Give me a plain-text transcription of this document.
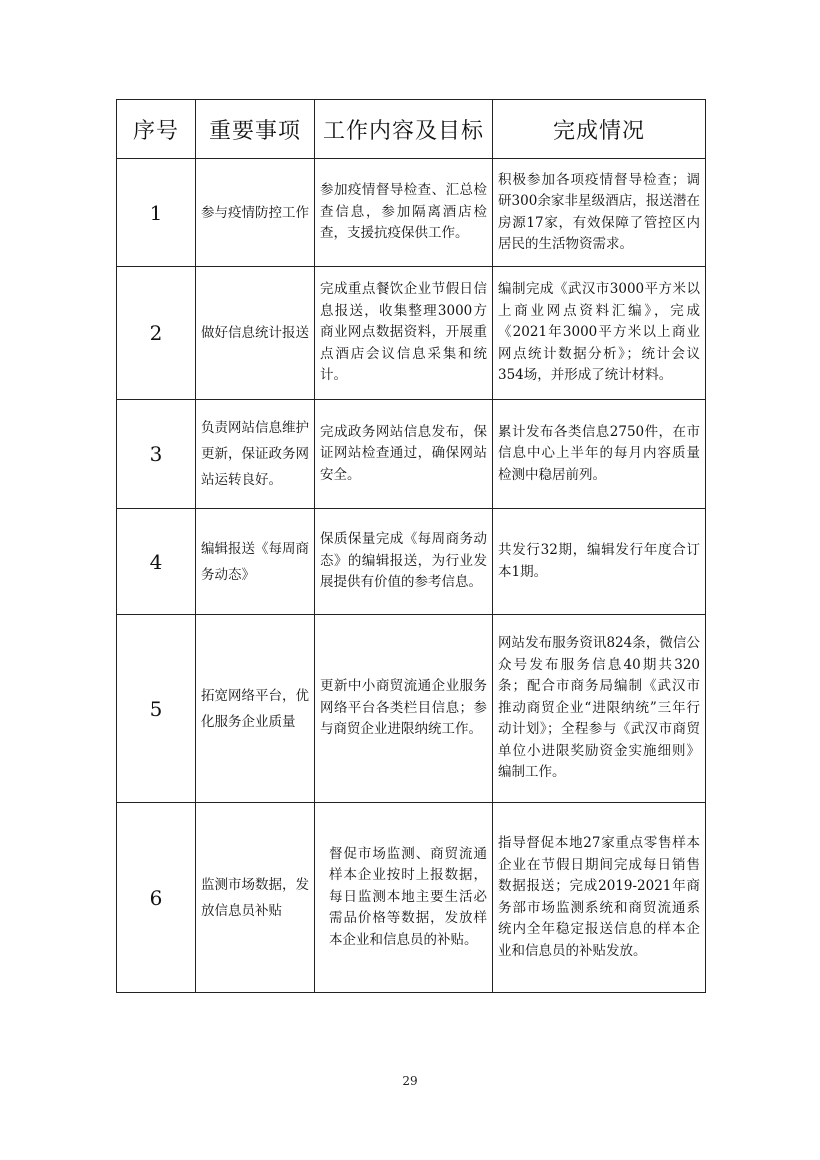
序号	重要事项	工作内容及目标	完成情况
1	参与疫情防控工作	参加疫情督导检查、汇总检查信息，参加隔离酒店检查，支援抗疫保供工作。	积极参加各项疫情督导检查；调研300余家非星级酒店，报送潜在房源17家，有效保障了管控区内居民的生活物资需求。
2	做好信息统计报送	完成重点餐饮企业节假日信息报送，收集整理3000方商业网点数据资料，开展重点酒店会议信息采集和统计。	编制完成《武汉市3000平方米以上商业网点资料汇编》，完成《2021年3000平方米以上商业网点统计数据分析》；统计会议354场，并形成了统计材料。
3	负责网站信息维护更新，保证政务网站运转良好。	完成政务网站信息发布，保证网站检查通过，确保网站安全。	累计发布各类信息2750件，在市信息中心上半年的每月内容质量检测中稳居前列。
4	编辑报送《每周商务动态》	保质保量完成《每周商务动态》的编辑报送，为行业发展提供有价值的参考信息。	共发行32期，编辑发行年度合订本1期。
5	拓宽网络平台，优化服务企业质量	更新中小商贸流通企业服务网络平台各类栏目信息；参与商贸企业进限纳统工作。	网站发布服务资讯824条，微信公众号发布服务信息40期共320条；配合市商务局编制《武汉市推动商贸企业“进限纳统”三年行动计划》；全程参与《武汉市商贸单位小进限奖励资金实施细则》编制工作。
6	监测市场数据，发放信息员补贴	督促市场监测、商贸流通样本企业按时上报数据，每日监测本地主要生活必需品价格等数据，发放样本企业和信息员的补贴。	指导督促本地27家重点零售样本企业在节假日期间完成每日销售数据报送；完成2019-2021年商务部市场监测系统和商贸流通系统内全年稳定报送信息的样本企业和信息员的补贴发放。
29
